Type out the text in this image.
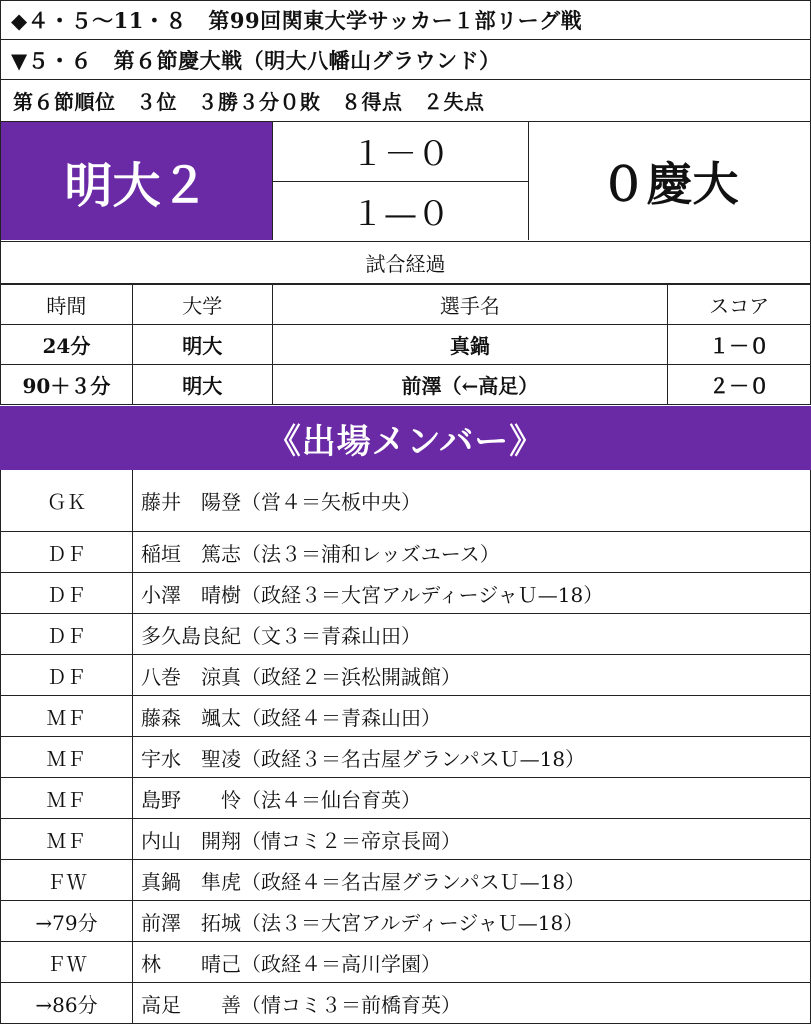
◆４・５〜11・８　第99回関東大学サッカー１部リーグ戦
▼５・６　第６節慶大戦（明大八幡山グラウンド）
第６節順位　３位　３勝３分０敗　８得点　２失点
明大２
１－０
１—０
０慶大
試合経過
時間	大学	選手名	スコア
24分	明大	真鍋	１－０
90＋３分	明大	前澤（←高足）	２－０
《出場メンバー》
ＧＫ	藤井　陽登（営４＝矢板中央）
ＤＦ	稲垣　篤志（法３＝浦和レッズユース）
ＤＦ	小澤　晴樹（政経３＝大宮アルディージャＵ—18）
ＤＦ	多久島良紀（文３＝青森山田）
ＤＦ	八巻　涼真（政経２＝浜松開誠館）
ＭＦ	藤森　颯太（政経４＝青森山田）
ＭＦ	宇水　聖凌（政経３＝名古屋グランパスＵ—18）
ＭＦ	島野　　怜（法４＝仙台育英）
ＭＦ	内山　開翔（情コミ２＝帝京長岡）
ＦＷ	真鍋　隼虎（政経４＝名古屋グランパスＵ—18）
→79分	前澤　拓城（法３＝大宮アルディージャＵ—18）
ＦＷ	林　　晴己（政経４＝高川学園）
→86分	高足　　善（情コミ３＝前橋育英）
